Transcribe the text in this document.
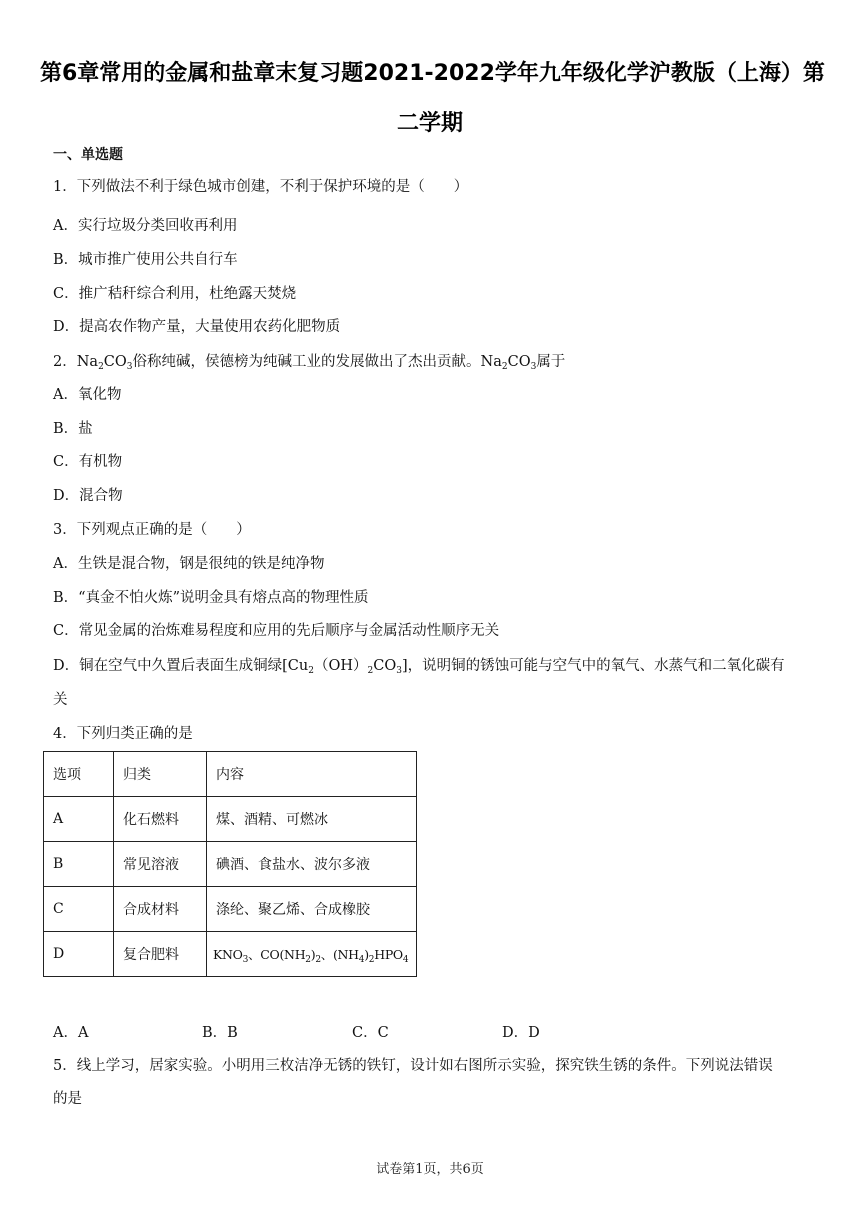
第6章常用的金属和盐章末复习题2021-2022学年九年级化学沪教版（上海）第
二学期
一、单选题
1．下列做法不利于绿色城市创建，不利于保护环境的是（　　）
A．实行垃圾分类回收再利用
B．城市推广使用公共自行车
C．推广秸秆综合利用，杜绝露天焚烧
D．提高农作物产量，大量使用农药化肥物质
2．$Na_2CO_3$俗称纯碱，侯德榜为纯碱工业的发展做出了杰出贡献。$Na_2CO_3$属于
A．氧化物
B．盐
C．有机物
D．混合物
3．下列观点正确的是（　　）
A．生铁是混合物，钢是很纯的铁是纯净物
B．“真金不怕火炼”说明金具有熔点高的物理性质
C．常见金属的治炼难易程度和应用的先后顺序与金属活动性顺序无关
D．铜在空气中久置后表面生成铜绿$[Cu_2(OH)_2CO_3]$，说明铜的锈蚀可能与空气中的氧气、水蒸气和二氧化碳有
关
4．下列归类正确的是
选项	归类	内容
A	化石燃料	煤、酒精、可燃冰
B	常见溶液	碘酒、食盐水、波尔多液
C	合成材料	涤纶、聚乙烯、合成橡胶
D	复合肥料	$KNO_3$、$CO(NH_2)_2$、$(NH_4)_2HPO_4$
A．A	B．B	C．C	D．D
5．线上学习，居家实验。小明用三枚洁净无锈的铁钉，设计如右图所示实验，探究铁生锈的条件。下列说法错误
的是
试卷第1页，共6页
